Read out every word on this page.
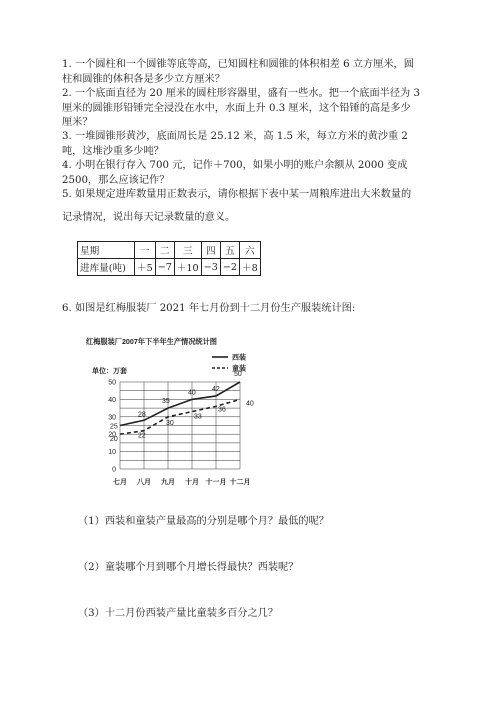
1. 一个圆柱和一个圆锥等底等高，已知圆柱和圆锥的体积相差 6 立方厘米，圆
柱和圆锥的体积各是多少立方厘米？
2. 一个底面直径为 20 厘米的圆柱形容器里，盛有一些水。把一个底面半径为 3
厘米的圆锥形铅锤完全浸没在水中，水面上升 0.3 厘米，这个铅锤的高是多少
厘米？
3. 一堆圆锥形黄沙，底面周长是 25.12 米，高 1.5 米，每立方米的黄沙重 2
吨，这堆沙重多少吨？
4. 小明在银行存入 700 元，记作＋700，如果小明的账户余额从 2000 变成
2500，那么应该记作？
5. 如果规定进库数量用正数表示，请你根据下表中某一周粮库进出大米数量的
记录情况，说出每天记录数量的意义。
星期	一	二	三	四	五	六
进库量(吨)	＋5	−7	＋10	−3	−2	＋8
6. 如图是红梅服装厂 2021 年七月份到十二月份生产服装统计图:
红梅服装厂2007年下半年生产情况统计图
单位：万套
0
10
20
30
40
50
七月 八月 九月 十月 十一月 十二月
25
28
35
40 42
50
20	22
30
33
36
40
西装
童装
（1）西装和童装产量最高的分别是哪个月？最低的呢？
（2）童装哪个月到哪个月增长得最快？西装呢？
（3）十二月份西装产量比童装多百分之几？
